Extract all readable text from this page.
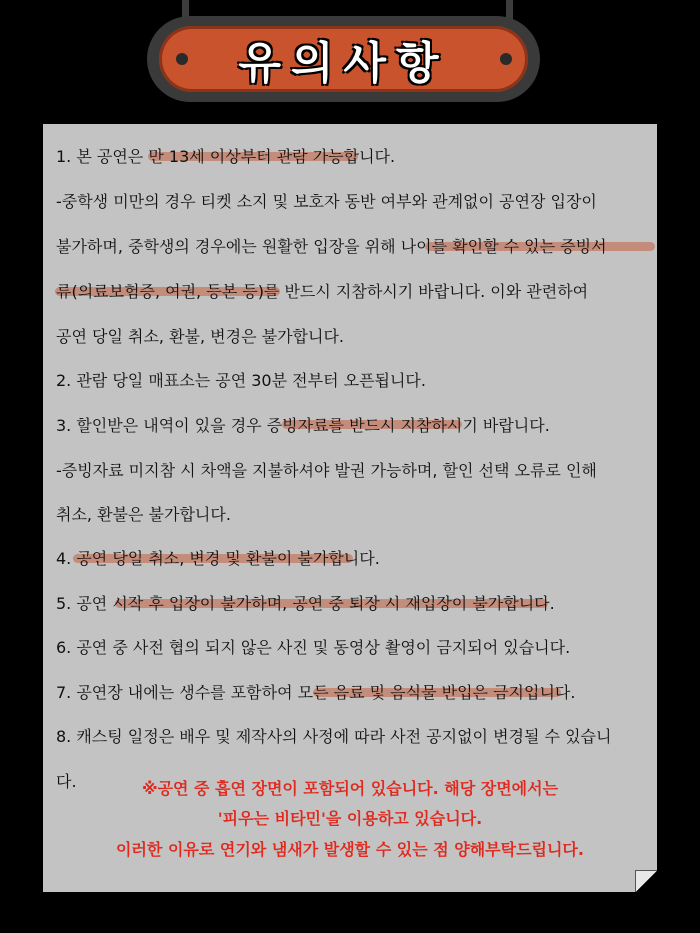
유의사항
1. 본 공연은 만 13세 이상부터 관람 가능합니다.
-중학생 미만의 경우 티켓 소지 및 보호자 동반 여부와 관계없이 공연장 입장이
불가하며, 중학생의 경우에는 원활한 입장을 위해 나이를 확인할 수 있는 증빙서
류(의료보험증, 여권, 등본 등)를 반드시 지참하시기 바랍니다. 이와 관련하여
공연 당일 취소, 환불, 변경은 불가합니다.
2. 관람 당일 매표소는 공연 30분 전부터 오픈됩니다.
3. 할인받은 내역이 있을 경우 증빙자료를 반드시 지참하시기 바랍니다.
-증빙자료 미지참 시 차액을 지불하셔야 발권 가능하며, 할인 선택 오류로 인해
취소, 환불은 불가합니다.
4. 공연 당일 취소, 변경 및 환불이 불가합니다.
5. 공연 시작 후 입장이 불가하며, 공연 중 퇴장 시 재입장이 불가합니다.
6. 공연 중 사전 협의 되지 않은 사진 및 동영상 촬영이 금지되어 있습니다.
7. 공연장 내에는 생수를 포함하여 모든 음료 및 음식물 반입은 금지입니다.
8. 캐스팅 일정은 배우 및 제작사의 사정에 따라 사전 공지없이 변경될 수 있습니
다.	※공연 중 흡연 장면이 포함되어 있습니다. 해당 장면에서는
'피우는 비타민'을 이용하고 있습니다.
이러한 이유로 연기와 냄새가 발생할 수 있는 점 양해부탁드립니다.
